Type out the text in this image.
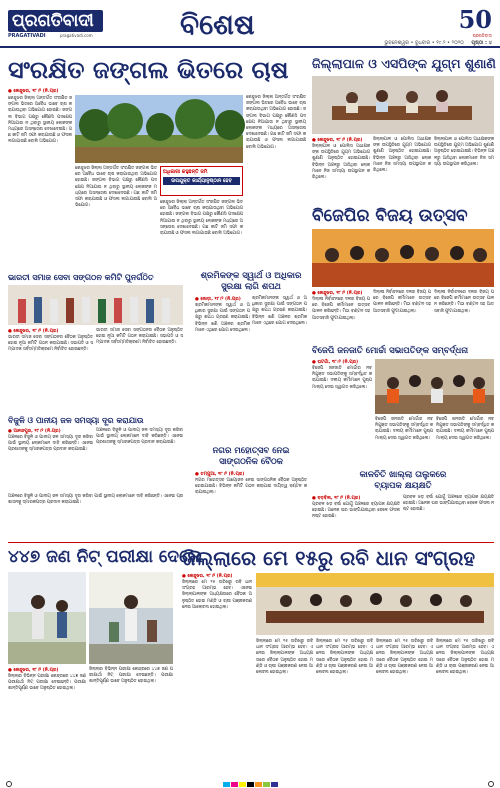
ପ୍ରଗତିବାଦୀ
PRAGATIVADI	pragativadi.com	ବିଶେଷ	50
ପ୍ରଗତିବାଦୀ
ଭୁବନେଶ୍ୱର • ବୁଧବାର • ୧୯.୨ • ୨୦୨୦ ପୃଷ୍ଠା : ୪
ସଂରକ୍ଷିତ ଜଙ୍ଗଲ ଭିତରେ ଚାଷ
● କେନ୍ଦୁଝର, ୧୮।୨ (ନି.ପ୍ର)
କେନ୍ଦୁଝର ଜିଲ୍ଲା ଅନ୍ତର୍ଗତ ସଂରକ୍ଷିତ ଜଙ୍ଗଲ ଭିତରେ ଅବୈଧ ଭାବେ ଚାଷ କରାଯାଉଥିବା ଅଭିଯୋଗ ହୋଇଛି। ଜଙ୍ଗଲ ବିଭାଗ ପକ୍ଷରୁ କୌଣସି ପଦକ୍ଷେପ ନିଆଯାଉ ନ ଥିବାରୁ ସ୍ଥାନୀୟ ଲୋକଙ୍କ ମଧ୍ୟରେ ଅସନ୍ତୋଷ ଦେଖାଦେଇଛି। ଗଛ କାଟି ଜମି ସଫା କରାଯାଉଛି ଓ ଫସଲ ଲଗାଯାଉଛି ବୋଲି ଅଭିଯୋଗ।
କେନ୍ଦୁଝର ଜିଲ୍ଲା ଅନ୍ତର୍ଗତ ସଂରକ୍ଷିତ ଜଙ୍ଗଲ ଭିତରେ ଅବୈଧ ଭାବେ ଚାଷ କରାଯାଉଥିବା ଅଭିଯୋଗ ହୋଇଛି। ଜଙ୍ଗଲ ବିଭାଗ ପକ୍ଷରୁ କୌଣସି ପଦକ୍ଷେପ ନିଆଯାଉ ନ ଥିବାରୁ ସ୍ଥାନୀୟ ଲୋକଙ୍କ ମଧ୍ୟରେ ଅସନ୍ତୋଷ ଦେଖାଦେଇଛି। ଗଛ କାଟି ଜମି ସଫା କରାଯାଉଛି ଓ ଫସଲ ଲଗାଯାଉଛି ବୋଲି ଅଭିଯୋଗ।
ଅଧିକାରୀ କହୁଛନ୍ତି ଜମି
ଉପଯୁକ୍ତ କାର୍ଯ୍ୟାନୁଷ୍ଠାନ ହେବ
କେନ୍ଦୁଝର ଜିଲ୍ଲା ଅନ୍ତର୍ଗତ ସଂରକ୍ଷିତ ଜଙ୍ଗଲ ଭିତରେ ଅବୈଧ ଭାବେ ଚାଷ କରାଯାଉଥିବା ଅଭିଯୋଗ ହୋଇଛି। ଜଙ୍ଗଲ ବିଭାଗ ପକ୍ଷରୁ କୌଣସି ପଦକ୍ଷେପ ନିଆଯାଉ ନ ଥିବାରୁ ସ୍ଥାନୀୟ ଲୋକଙ୍କ ମଧ୍ୟରେ ଅସନ୍ତୋଷ ଦେଖାଦେଇଛି। ଗଛ କାଟି ଜମି ସଫା କରାଯାଉଛି ଓ ଫସଲ ଲଗାଯାଉଛି ବୋଲି ଅଭିଯୋଗ।
କେନ୍ଦୁଝର ଜିଲ୍ଲା ଅନ୍ତର୍ଗତ ସଂରକ୍ଷିତ ଜଙ୍ଗଲ ଭିତରେ ଅବୈଧ ଭାବେ ଚାଷ କରାଯାଉଥିବା ଅଭିଯୋଗ ହୋଇଛି। ଜଙ୍ଗଲ ବିଭାଗ ପକ୍ଷରୁ କୌଣସି ପଦକ୍ଷେପ ନିଆଯାଉ ନ ଥିବାରୁ ସ୍ଥାନୀୟ ଲୋକଙ୍କ ମଧ୍ୟରେ ଅସନ୍ତୋଷ ଦେଖାଦେଇଛି। ଗଛ କାଟି ଜମି ସଫା କରାଯାଉଛି ଓ ଫସଲ ଲଗାଯାଉଛି ବୋଲି ଅଭିଯୋଗ।
ଜିଲ୍ଲାପାଳ ଓ ଏସପିଙ୍କ ଯୁଗ୍ମ ଶୁଣାଣି
● କେନ୍ଦୁଝର, ୧୮।୨ (ନି.ପ୍ର)
ଜିଲ୍ଲାପାଳ ଓ ପୋଲିସ ଅଧୀକ୍ଷକଙ୍କ ଉପସ୍ଥିତିରେ ଯୁଗ୍ମ ଅଭିଯୋଗ ଶୁଣାଣି ଅନୁଷ୍ଠିତ ହୋଇଯାଇଛି। ବିଭିନ୍ନ ଅଞ୍ଚଳରୁ ଆସିଥିବା ଲୋକମାନେ ନିଜ ସମସ୍ୟା ଉପସ୍ଥାପନ କରିଥିଲେ।
ଜିଲ୍ଲାପାଳ ଓ ପୋଲିସ ଅଧୀକ୍ଷକଙ୍କ ଉପସ୍ଥିତିରେ ଯୁଗ୍ମ ଅଭିଯୋଗ ଶୁଣାଣି ଅନୁଷ୍ଠିତ ହୋଇଯାଇଛି। ବିଭିନ୍ନ ଅଞ୍ଚଳରୁ ଆସିଥିବା ଲୋକମାନେ ନିଜ ସମସ୍ୟା ଉପସ୍ଥାପନ କରିଥିଲେ।
ଜିଲ୍ଲାପାଳ ଓ ପୋଲିସ ଅଧୀକ୍ଷକଙ୍କ ଉପସ୍ଥିତିରେ ଯୁଗ୍ମ ଅଭିଯୋଗ ଶୁଣାଣି ଅନୁଷ୍ଠିତ ହୋଇଯାଇଛି। ବିଭିନ୍ନ ଅଞ୍ଚଳରୁ ଆସିଥିବା ଲୋକମାନେ ନିଜ ସମସ୍ୟା ଉପସ୍ଥାପନ କରିଥିଲେ।
ବିଜେପିର ବିଜୟ ଉତ୍ସବ
● କେନ୍ଦୁଝର, ୧୮।୨ (ନି.ପ୍ର)
ଦିଲ୍ଲୀ ନିର୍ବାଚନରେ ଦଳର ବିଜୟ ପରେ ବିଜେପି କର୍ମୀମାନେ ଉତ୍ସବ ପାଳନ କରିଛନ୍ତି। ମିଠା ବଣ୍ଟନ ସହ ଆତସବାଜି ଫୁଟାଯାଇଥିଲା।
ଦିଲ୍ଲୀ ନିର୍ବାଚନରେ ଦଳର ବିଜୟ ପରେ ବିଜେପି କର୍ମୀମାନେ ଉତ୍ସବ ପାଳନ କରିଛନ୍ତି। ମିଠା ବଣ୍ଟନ ସହ ଆତସବାଜି ଫୁଟାଯାଇଥିଲା।
ଦିଲ୍ଲୀ ନିର୍ବାଚନରେ ଦଳର ବିଜୟ ପରେ ବିଜେପି କର୍ମୀମାନେ ଉତ୍ସବ ପାଳନ କରିଛନ୍ତି। ମିଠା ବଣ୍ଟନ ସହ ଆତସବାଜି ଫୁଟାଯାଇଥିଲା।
ଭାରତୀ ସମାଜ ସେବା ସଙ୍ଗଠନ କମିଟି ପୁନର୍ଗଠିତ
● କେନ୍ଦୁଝର, ୧୮।୨ (ନି.ପ୍ର)
ଭାରତୀ ସମାଜ ସେବା ସଙ୍ଗଠନର ବୈଠକ ଅନୁଷ୍ଠିତ ହୋଇ ନୂଆ କମିଟି ଗଠନ କରାଯାଇଛି। ସଭାପତି ଓ ସମ୍ପାଦକ ସର୍ବସମ୍ମତିକ୍ରମେ ନିର୍ବାଚିତ ହୋଇଛନ୍ତି।
ଭାରତୀ ସମାଜ ସେବା ସଙ୍ଗଠନର ବୈଠକ ଅନୁଷ୍ଠିତ ହୋଇ ନୂଆ କମିଟି ଗଠନ କରାଯାଇଛି। ସଭାପତି ଓ ସମ୍ପାଦକ ସର୍ବସମ୍ମତିକ୍ରମେ ନିର୍ବାଚିତ ହୋଇଛନ୍ତି।
ଶ୍ରମିକଙ୍କ ସ୍ୱାର୍ଥ ଓ ଅଧିକାର
ସୁରକ୍ଷା ଲାଗି ଶପଥ
● ଜୋଡ଼ା, ୧୮।୨ (ନି.ପ୍ର)
ଶ୍ରମିକମାନଙ୍କ ସ୍ୱାର୍ଥ ଓ ଅଧିକାର ସୁରକ୍ଷା ପାଇଁ ସଙ୍ଗଠନ ପକ୍ଷରୁ ଶପଥ ଗ୍ରହଣ କରାଯାଇଛି। ବିଭିନ୍ନ ଖଣି ଅଞ୍ଚଳର ଶ୍ରମିକମାନେ ଏଥିରେ ଯୋଗ ଦେଇଥିଲେ।
ଶ୍ରମିକମାନଙ୍କ ସ୍ୱାର୍ଥ ଓ ଅଧିକାର ସୁରକ୍ଷା ପାଇଁ ସଙ୍ଗଠନ ପକ୍ଷରୁ ଶପଥ ଗ୍ରହଣ କରାଯାଇଛି। ବିଭିନ୍ନ ଖଣି ଅଞ୍ଚଳର ଶ୍ରମିକମାନେ ଏଥିରେ ଯୋଗ ଦେଇଥିଲେ।
ବିଜେପି ଜନଜାତି ମୋର୍ଚ୍ଚା ସଭାପତିଙ୍କ ସମ୍ବର୍ଦ୍ଧନା
● ଘଟଗାଁ, ୧୮।୨ (ନି.ପ୍ର)
ବିଜେପି ଜନଜାତି ମୋର୍ଚ୍ଚାର ନବନିଯୁକ୍ତ ସଭାପତିଙ୍କୁ ସମ୍ବର୍ଦ୍ଧିତ କରାଯାଇଛି। ଦଳୀୟ କର୍ମୀମାନେ ପୁଷ୍ପମାଲ୍ୟ ଦେଇ ସ୍ୱାଗତ କରିଥିଲେ।
ବିଜେପି ଜନଜାତି ମୋର୍ଚ୍ଚାର ନବନିଯୁକ୍ତ ସଭାପତିଙ୍କୁ ସମ୍ବର୍ଦ୍ଧିତ କରାଯାଇଛି। ଦଳୀୟ କର୍ମୀମାନେ ପୁଷ୍ପମାଲ୍ୟ ଦେଇ ସ୍ୱାଗତ କରିଥିଲେ।
ବିଜେପି ଜନଜାତି ମୋର୍ଚ୍ଚାର ନବନିଯୁକ୍ତ ସଭାପତିଙ୍କୁ ସମ୍ବର୍ଦ୍ଧିତ କରାଯାଇଛି। ଦଳୀୟ କର୍ମୀମାନେ ପୁଷ୍ପମାଲ୍ୟ ଦେଇ ସ୍ୱାଗତ କରିଥିଲେ।
ବିଜୁଳି ଓ ପାନୀୟ ଜଳ ସମସ୍ୟା ଦୂର କରାଯାଉ
● ଆନନ୍ଦପୁର, ୧୮।୨ (ନି.ପ୍ର)
ଅଞ୍ଚଳରେ ବିଜୁଳି ଓ ପାନୀୟ ଜଳ ସମସ୍ୟା ଦୂର କରିବା ପାଇଁ ସ୍ଥାନୀୟ ଲୋକମାନେ ଦାବି କରିଛନ୍ତି। ଏନେଇ ପ୍ରଶାସନକୁ ସ୍ମାରକପତ୍ର ପ୍ରଦାନ କରାଯାଇଛି।
ଅଞ୍ଚଳରେ ବିଜୁଳି ଓ ପାନୀୟ ଜଳ ସମସ୍ୟା ଦୂର କରିବା ପାଇଁ ସ୍ଥାନୀୟ ଲୋକମାନେ ଦାବି କରିଛନ୍ତି। ଏନେଇ ପ୍ରଶାସନକୁ ସ୍ମାରକପତ୍ର ପ୍ରଦାନ କରାଯାଇଛି।
ନଗର ମହୋତ୍ସବ ନେଇ
ସାଙ୍ଗଠନିକ ବୈଠକ
● ଚମ୍ପୁଆ, ୧୮।୨ (ନି.ପ୍ର)
ନଗର ମହୋତ୍ସବ ଆୟୋଜନ ନେଇ ସାଙ୍ଗଠନିକ ବୈଠକ ଅନୁଷ୍ଠିତ ହୋଇଯାଇଛି। ବିଭିନ୍ନ କମିଟି ଗଠନ କରାଯାଇ ଦାୟିତ୍ୱ ବଣ୍ଟନ କରାଯାଇଥିଲା।
କାଳଚିତି ଖାଲ୍ଲା ତାଲୁକରେ
ବ୍ୟାପକ କ୍ଷୟକ୍ଷତି
● ବଡ଼ବିଲ, ୧୮।୨ (ନି.ପ୍ର)
ପ୍ରବଳ ଝଡ଼ ବର୍ଷା ଯୋଗୁଁ ଅଞ୍ଚଳରେ ବ୍ୟାପକ କ୍ଷୟକ୍ଷତି ହୋଇଛି। ଅନେକ ଘର ଭାଙ୍ଗିଯାଇଥିବା ବେଳେ ଫସଲ ନଷ୍ଟ ହୋଇଛି।
ପ୍ରବଳ ଝଡ଼ ବର୍ଷା ଯୋଗୁଁ ଅଞ୍ଚଳରେ ବ୍ୟାପକ କ୍ଷୟକ୍ଷତି ହୋଇଛି। ଅନେକ ଘର ଭାଙ୍ଗିଯାଇଥିବା ବେଳେ ଫସଲ ନଷ୍ଟ ହୋଇଛି।
ଅଞ୍ଚଳରେ ବିଜୁଳି ଓ ପାନୀୟ ଜଳ ସମସ୍ୟା ଦୂର କରିବା ପାଇଁ ସ୍ଥାନୀୟ ଲୋକମାନେ ଦାବି କରିଛନ୍ତି। ଏନେଇ ପ୍ରଶାସନକୁ ସ୍ମାରକପତ୍ର ପ୍ରଦାନ କରାଯାଇଛି।
୪୪୭ ଜଣ ନିଟ୍ ପରୀକ୍ଷା ଦେଲେ
● କେନ୍ଦୁଝର, ୧୮।୨ (ନି.ପ୍ର)
ଜିଲ୍ଲାର ବିଭିନ୍ନ ପରୀକ୍ଷା କେନ୍ଦ୍ରରେ ୪୪୭ ଜଣ ପରୀକ୍ଷାର୍ଥୀ ନିଟ୍ ପରୀକ୍ଷା ଦେଇଛନ୍ତି। ପରୀକ୍ଷା ଶାନ୍ତିପୂର୍ଣ୍ଣ ଭାବେ ଅନୁଷ୍ଠିତ ହୋଇଥିଲା।
ଜିଲ୍ଲାର ବିଭିନ୍ନ ପରୀକ୍ଷା କେନ୍ଦ୍ରରେ ୪୪୭ ଜଣ ପରୀକ୍ଷାର୍ଥୀ ନିଟ୍ ପରୀକ୍ଷା ଦେଇଛନ୍ତି। ପରୀକ୍ଷା ଶାନ୍ତିପୂର୍ଣ୍ଣ ଭାବେ ଅନୁଷ୍ଠିତ ହୋଇଥିଲା।
ଜିଲ୍ଲାରେ ମେ ୧୫ରୁ ରବି ଧାନ ସଂଗ୍ରହ
● କେନ୍ଦୁଝର, ୧୮।୨ (ନି.ପ୍ର)
ଜିଲ୍ଲାରେ ମେ ୧୫ ତାରିଖରୁ ରବି ଧାନ ସଂଗ୍ରହ ଆରମ୍ଭ ହେବ। ଏନେଇ ଜିଲ୍ଲାପାଳଙ୍କ ଅଧ୍ୟକ୍ଷତାରେ ବୈଠକ ଅନୁଷ୍ଠିତ ହୋଇ ମଣ୍ଡି ଓ ଚାଷୀ ପଞ୍ଜୀକରଣ ନେଇ ଆଲୋଚନା ହୋଇଥିଲା।
ଜିଲ୍ଲାରେ ମେ ୧୫ ତାରିଖରୁ ରବି ଧାନ ସଂଗ୍ରହ ଆରମ୍ଭ ହେବ। ଏନେଇ ଜିଲ୍ଲାପାଳଙ୍କ ଅଧ୍ୟକ୍ଷତାରେ ବୈଠକ ଅନୁଷ୍ଠିତ ହୋଇ ମଣ୍ଡି ଓ ଚାଷୀ ପଞ୍ଜୀକରଣ ନେଇ ଆଲୋଚନା ହୋଇଥିଲା।
ଜିଲ୍ଲାରେ ମେ ୧୫ ତାରିଖରୁ ରବି ଧାନ ସଂଗ୍ରହ ଆରମ୍ଭ ହେବ। ଏନେଇ ଜିଲ୍ଲାପାଳଙ୍କ ଅଧ୍ୟକ୍ଷତାରେ ବୈଠକ ଅନୁଷ୍ଠିତ ହୋଇ ମଣ୍ଡି ଓ ଚାଷୀ ପଞ୍ଜୀକରଣ ନେଇ ଆଲୋଚନା ହୋଇଥିଲା।
ଜିଲ୍ଲାରେ ମେ ୧୫ ତାରିଖରୁ ରବି ଧାନ ସଂଗ୍ରହ ଆରମ୍ଭ ହେବ। ଏନେଇ ଜିଲ୍ଲାପାଳଙ୍କ ଅଧ୍ୟକ୍ଷତାରେ ବୈଠକ ଅନୁଷ୍ଠିତ ହୋଇ ମଣ୍ଡି ଓ ଚାଷୀ ପଞ୍ଜୀକରଣ ନେଇ ଆଲୋଚନା ହୋଇଥିଲା।
ଜିଲ୍ଲାରେ ମେ ୧୫ ତାରିଖରୁ ରବି ଧାନ ସଂଗ୍ରହ ଆରମ୍ଭ ହେବ। ଏନେଇ ଜିଲ୍ଲାପାଳଙ୍କ ଅଧ୍ୟକ୍ଷତାରେ ବୈଠକ ଅନୁଷ୍ଠିତ ହୋଇ ମଣ୍ଡି ଓ ଚାଷୀ ପଞ୍ଜୀକରଣ ନେଇ ଆଲୋଚନା ହୋଇଥିଲା।
